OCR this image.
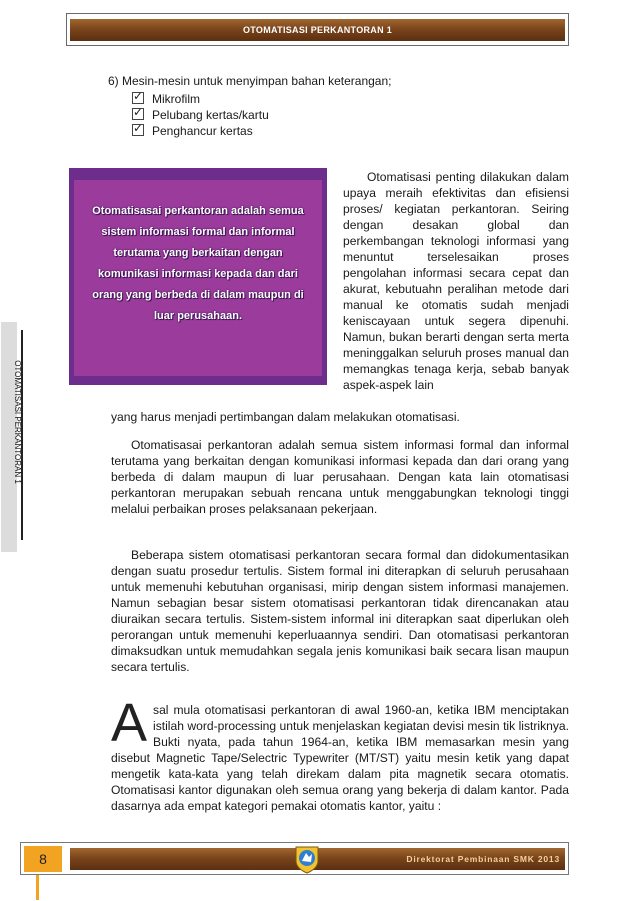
OTOMATISASI PERKANTORAN 1
OTOMATISASI PERKANTORAN 1
6) Mesin-mesin untuk menyimpan bahan keterangan;
✓Mikrofilm
✓Pelubang kertas/kartu
✓Penghancur kertas
Otomatisasai perkantoran adalah semua
sistem informasi formal dan informal
terutama yang berkaitan dengan
komunikasi informasi kepada dan dari
orang yang berbeda di dalam maupun di
luar perusahaan.

Otomatisasi penting dilakukan dalam upaya meraih efektivitas dan efisiensi proses/ kegiatan perkantoran. Seiring dengan desakan global dan perkembangan teknologi informasi yang menuntut terselesaikan proses pengolahan informasi secara cepat dan akurat, kebutuahn peralihan metode dari manual ke otomatis sudah menjadi keniscayaan untuk segera dipenuhi. Namun, bukan berarti dengan serta merta meninggalkan seluruh proses manual dan memangkas tenaga kerja, sebab banyak aspek-aspek lain

yang harus menjadi pertimbangan dalam melakukan otomatisasi.

Otomatisasai perkantoran adalah semua sistem informasi formal dan informal terutama yang berkaitan dengan komunikasi informasi kepada dan dari orang yang berbeda di dalam maupun di luar perusahaan. Dengan kata lain otomatisasi perkantoran merupakan sebuah rencana untuk menggabungkan teknologi tinggi melalui perbaikan proses pelaksanaan pekerjaan.

Beberapa sistem otomatisasi perkantoran secara formal dan didokumentasikan dengan suatu prosedur tertulis. Sistem formal ini diterapkan di seluruh perusahaan untuk memenuhi kebutuhan organisasi, mirip dengan sistem informasi manajemen. Namun sebagian besar sistem otomatisasi perkantoran tidak direncanakan atau diuraikan secara tertulis. Sistem-sistem informal ini diterapkan saat diperlukan oleh perorangan untuk memenuhi keperluaannya sendiri. Dan otomatisasi perkantoran dimaksudkan untuk memudahkan segala jenis komunikasi baik secara lisan maupun secara tertulis.

Asal mula otomatisasi perkantoran di awal 1960-an, ketika IBM menciptakan istilah word-processing untuk menjelaskan kegiatan devisi mesin tik listriknya. Bukti nyata, pada tahun 1964-an, ketika IBM memasarkan mesin yang disebut Magnetic Tape/Selectric Typewriter (MT/ST) yaitu mesin ketik yang dapat mengetik kata-kata yang telah direkam dalam pita magnetik secara otomatis. Otomatisasi kantor digunakan oleh semua orang yang bekerja di dalam kantor. Pada dasarnya ada empat kategori pemakai otomatis kantor, yaitu :
8	Direktorat Pembinaan SMK 2013
